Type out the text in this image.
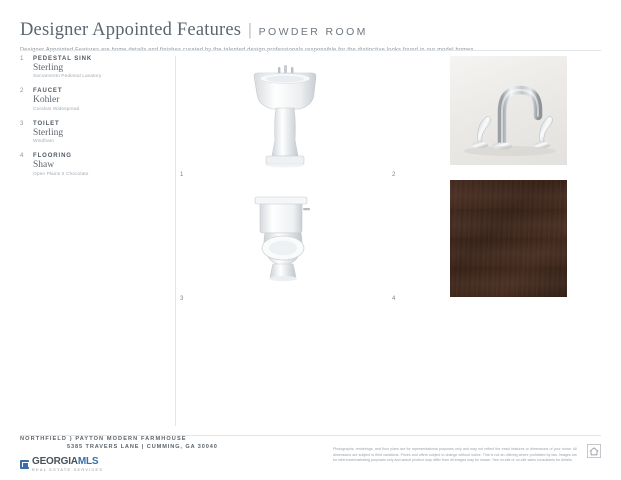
Designer Appointed Features | POWDER ROOM
1 PEDESTAL SINK
Sterling
Sacramento Pedestal Lavatory
2 FAUCET
Kohler
Coralais Widespread
3 TOILET
Sterling
Windham
4 FLOORING
Shaw
Open Plains II Chocolate	1	2
3	4
NORTHFIELD ) PAYTON MODERN FARMHOUSE
5385 TRAVERS LANE | CUMMING, GA 30040
GEORGIAMLS
REAL ESTATE SERVICES
Photographs, renderings, and floor plans are for representational purposes only and may not reflect the exact features or dimensions of your home. All dimensions are subject to field variations. Prices and offers subject to change without notice. This is not an offering where prohibited by law. Images are for reference/marketing purposes only and actual product may differ from all images may be shown. See on-site or on-site sales consultants for details.
